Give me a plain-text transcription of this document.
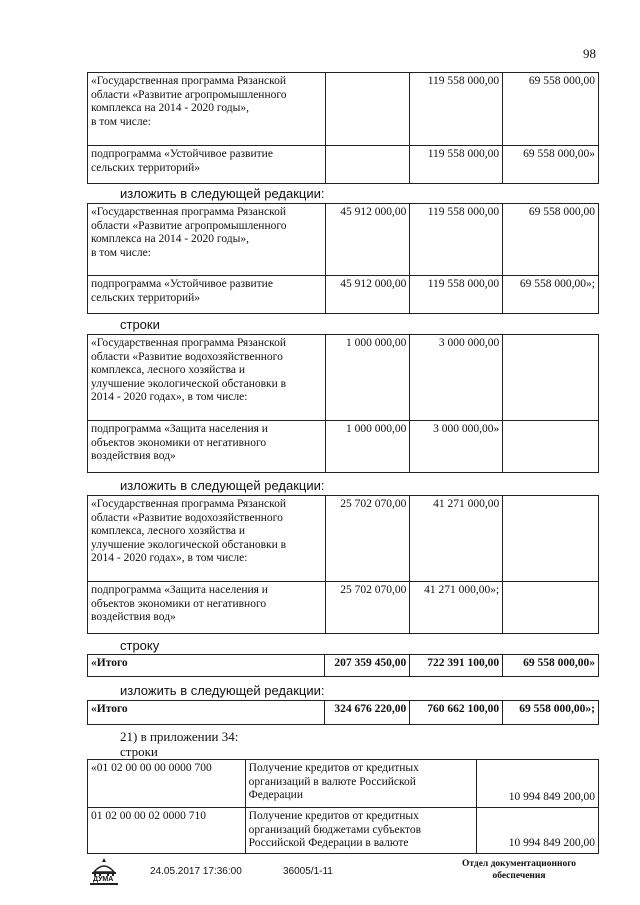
98
«Государственная программа Рязанской
области «Развитие агропромышленного
комплекса на 2014 - 2020 годы»,
в том числе:		119 558 000,00	69 558 000,00
подпрограмма «Устойчивое развитие
сельских территорий»		119 558 000,00	69 558 000,00»
изложить в следующей редакции:
«Государственная программа Рязанской
области «Развитие агропромышленного
комплекса на 2014 - 2020 годы»,
в том числе:	45 912 000,00	119 558 000,00	69 558 000,00
подпрограмма «Устойчивое развитие
сельских территорий»	45 912 000,00	119 558 000,00	69 558 000,00»;
строки
«Государственная программа Рязанской
области «Развитие водохозяйственного
комплекса, лесного хозяйства и
улучшение экологической обстановки в
2014 - 2020 годах», в том числе:	1 000 000,00	3 000 000,00	
подпрограмма «Защита населения и
объектов экономики от негативного
воздействия вод»	1 000 000,00	3 000 000,00»	
изложить в следующей редакции:
«Государственная программа Рязанской
области «Развитие водохозяйственного
комплекса, лесного хозяйства и
улучшение экологической обстановки в
2014 - 2020 годах», в том числе:	25 702 070,00	41 271 000,00	
подпрограмма «Защита населения и
объектов экономики от негативного
воздействия вод»	25 702 070,00	41 271 000,00»;	
строку
«Итого	207 359 450,00	722 391 100,00	69 558 000,00»
изложить в следующей редакции:
«Итого	324 676 220,00	760 662 100,00	69 558 000,00»;
21) в приложении 34:
строки
«01 02 00 00 00 0000 700	Получение кредитов от кредитных
организаций в валюте Российской
Федерации	10 994 849 200,00
01 02 00 00 02 0000 710	Получение кредитов от кредитных
организаций бюджетами субъектов
Российской Федерации в валюте	10 994 849 200,00
ДУМА
24.05.2017 17:36:00	36005/1-11
Отдел документационного
обеспечения
